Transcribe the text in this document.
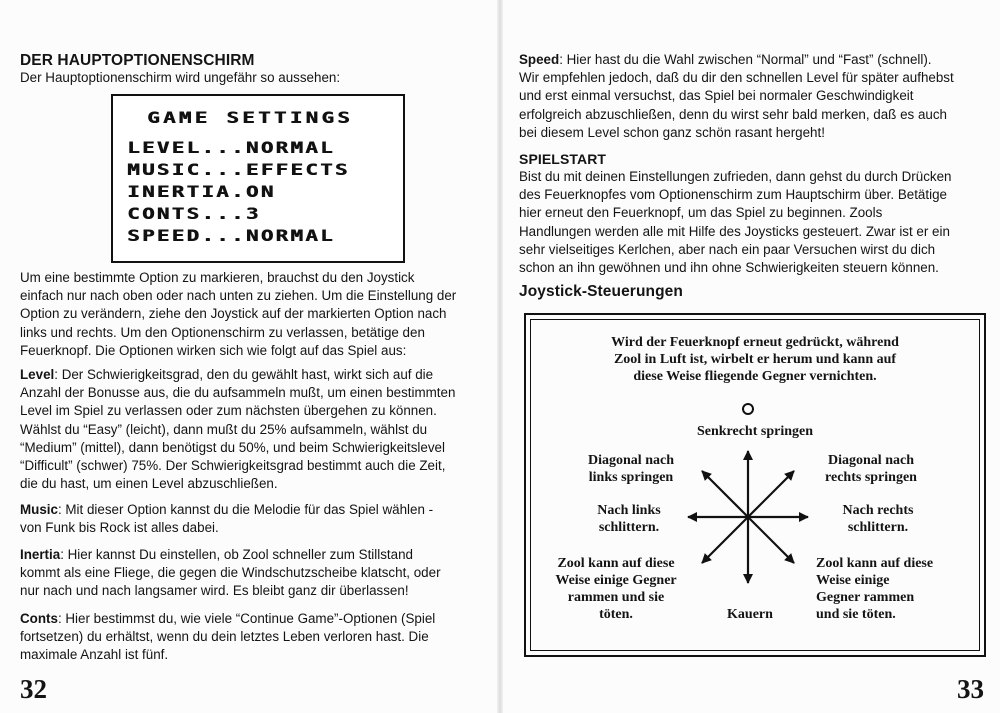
DER HAUPTOPTIONENSCHIRM
Der Hauptoptionenschirm wird ungefähr so aussehen:
GAME SETTINGS
LEVEL...NORMAL
MUSIC...EFFECTS
INERTIA.ON
CONTS...3
SPEED...NORMAL
Um eine bestimmte Option zu markieren, brauchst du den Joystick
einfach nur nach oben oder nach unten zu ziehen. Um die Einstellung der
Option zu verändern, ziehe den Joystick auf der markierten Option nach
links und rechts. Um den Optionenschirm zu verlassen, betätige den
Feuerknopf. Die Optionen wirken sich wie folgt auf das Spiel aus:
Level: Der Schwierigkeitsgrad, den du gewählt hast, wirkt sich auf die
Anzahl der Bonusse aus, die du aufsammeln mußt, um einen bestimmten
Level im Spiel zu verlassen oder zum nächsten übergehen zu können.
Wählst du “Easy” (leicht), dann mußt du 25% aufsammeln, wählst du
“Medium” (mittel), dann benötigst du 50%, und beim Schwierigkeitslevel
“Difficult” (schwer) 75%. Der Schwierigkeitsgrad bestimmt auch die Zeit,
die du hast, um einen Level abzuschließen.
Music: Mit dieser Option kannst du die Melodie für das Spiel wählen -
von Funk bis Rock ist alles dabei.
Inertia: Hier kannst Du einstellen, ob Zool schneller zum Stillstand
kommt als eine Fliege, die gegen die Windschutzscheibe klatscht, oder
nur nach und nach langsamer wird. Es bleibt ganz dir überlassen!
Conts: Hier bestimmst du, wie viele “Continue Game”-Optionen (Spiel
fortsetzen) du erhältst, wenn du dein letztes Leben verloren hast. Die
maximale Anzahl ist fünf.
32
Speed: Hier hast du die Wahl zwischen “Normal” und “Fast” (schnell).
Wir empfehlen jedoch, daß du dir den schnellen Level für später aufhebst
und erst einmal versuchst, das Spiel bei normaler Geschwindigkeit
erfolgreich abzuschließen, denn du wirst sehr bald merken, daß es auch
bei diesem Level schon ganz schön rasant hergeht!
SPIELSTART
Bist du mit deinen Einstellungen zufrieden, dann gehst du durch Drücken
des Feuerknopfes vom Optionenschirm zum Hauptschirm über. Betätige
hier erneut den Feuerknopf, um das Spiel zu beginnen. Zools
Handlungen werden alle mit Hilfe des Joysticks gesteuert. Zwar ist er ein
sehr vielseitiges Kerlchen, aber nach ein paar Versuchen wirst du dich
schon an ihn gewöhnen und ihn ohne Schwierigkeiten steuern können.
Joystick-Steuerungen
Wird der Feuerknopf erneut gedrückt, während
Zool in Luft ist, wirbelt er herum und kann auf
diese Weise fliegende Gegner vernichten.
Senkrecht springen
Diagonal nach
links springen
Diagonal nach
rechts springen
Nach links
schlittern.
Nach rechts
schlittern.
Zool kann auf diese
Weise einige Gegner
rammen und sie
töten.
Zool kann auf diese
Weise einige
Gegner rammen
und sie töten.
Kauern
33
